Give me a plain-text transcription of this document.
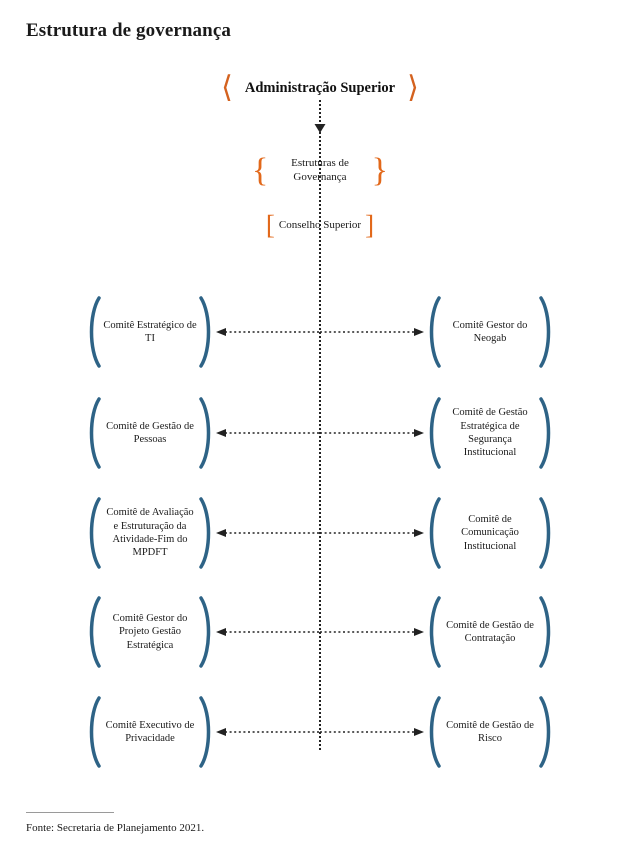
Estrutura de governança
⟨ Administração Superior ⟩
{	Estruturas de Governança }
[ Conselho Superior ]
Comitê Estratégico de TI
Comitê Gestor do Neogab
Comitê de Gestão de Pessoas
Comitê de Gestão Estratégica de Segurança Institucional
Comitê de Avaliação e Estruturação da Atividade-Fim do MPDFT
Comitê de Comunicação Institucional
Comitê Gestor do Projeto Gestão Estratégica
Comitê de Gestão de Contratação
Comitê Executivo de Privacidade
Comitê de Gestão de Risco
Fonte: Secretaria de Planejamento 2021.
